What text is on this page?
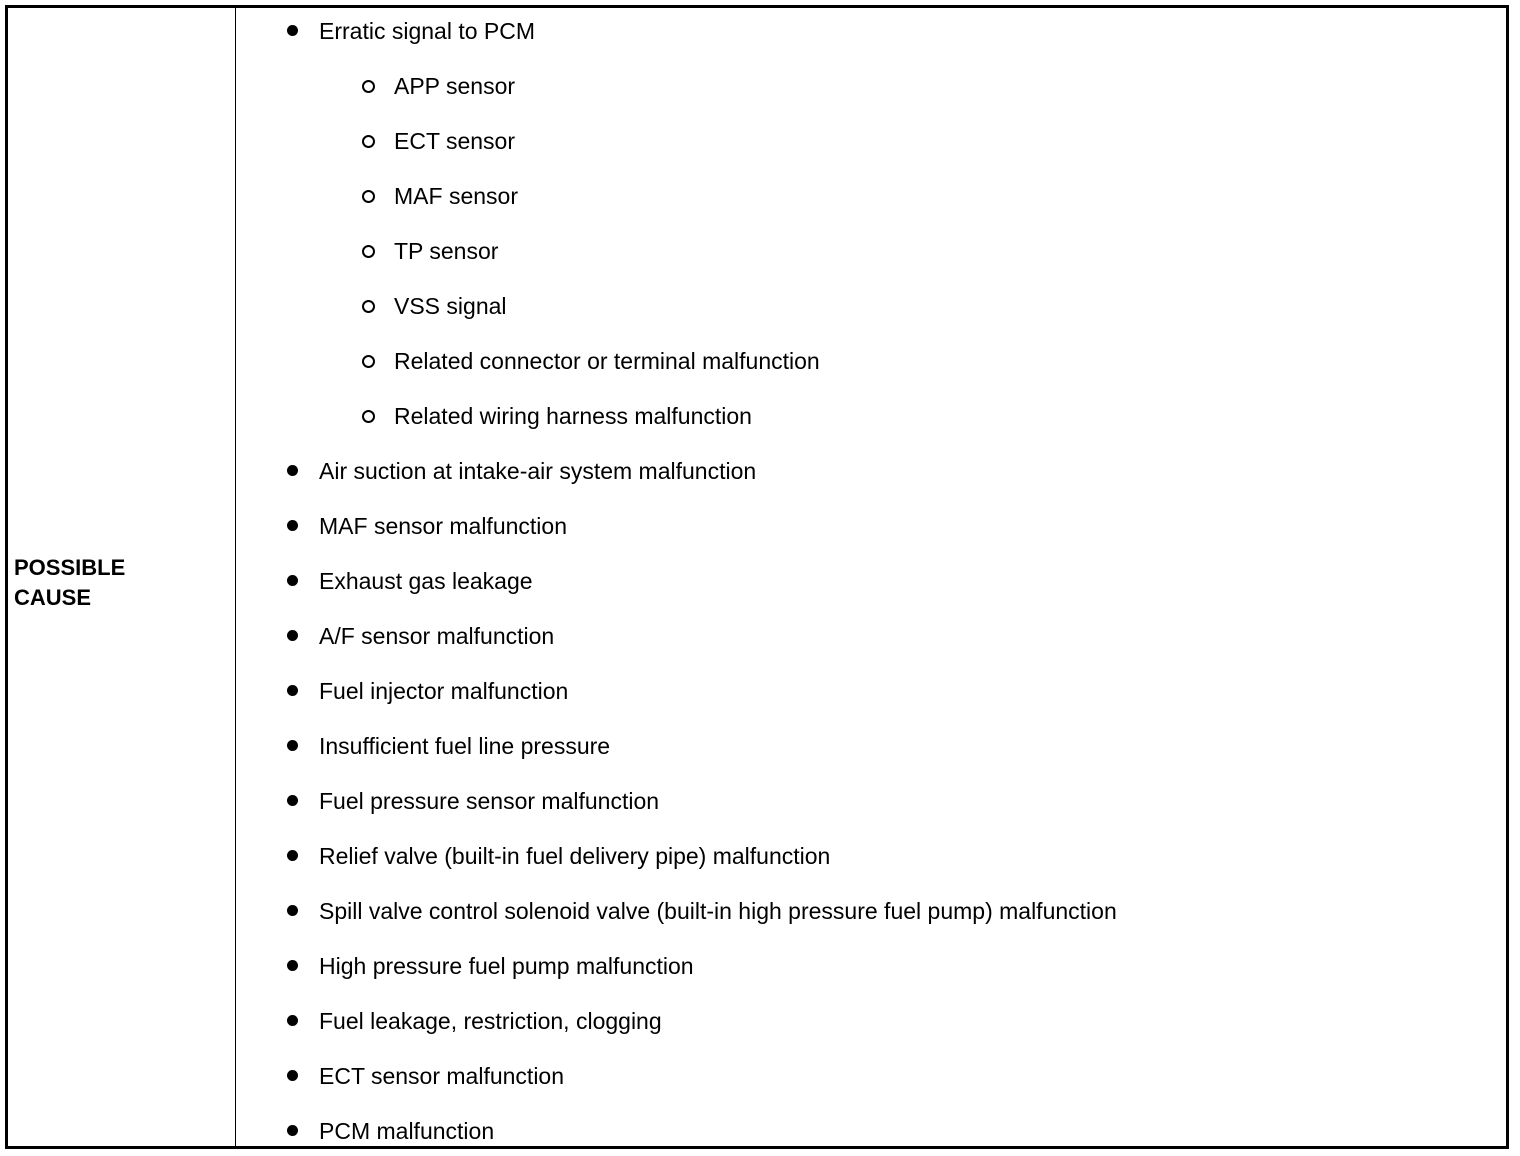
POSSIBLE
CAUSE
Erratic signal to PCM
APP sensor
ECT sensor
MAF sensor
TP sensor
VSS signal
Related connector or terminal malfunction
Related wiring harness malfunction
Air suction at intake-air system malfunction
MAF sensor malfunction
Exhaust gas leakage
A/F sensor malfunction
Fuel injector malfunction
Insufficient fuel line pressure
Fuel pressure sensor malfunction
Relief valve (built-in fuel delivery pipe) malfunction
Spill valve control solenoid valve (built-in high pressure fuel pump) malfunction
High pressure fuel pump malfunction
Fuel leakage, restriction, clogging
ECT sensor malfunction
PCM malfunction
